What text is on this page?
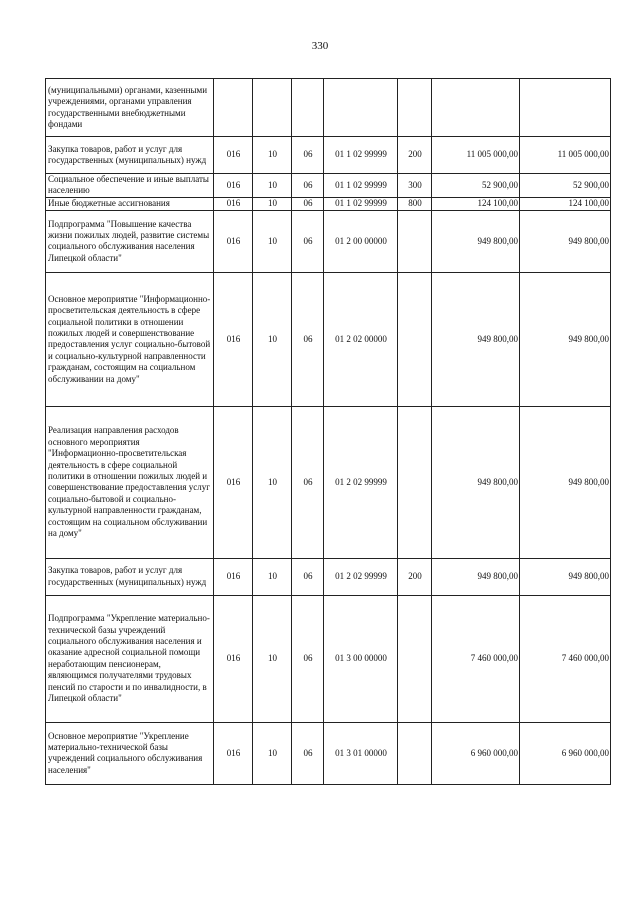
330
(муниципальными) органами, казенными учреждениями, органами управления государственными внебюджетными фондами							
Закупка товаров, работ и услуг для государственных (муниципальных) нужд	016	10	06	01 1 02 99999	200	11 005 000,00	11 005 000,00
Социальное обеспечение и иные выплаты населению	016	10	06	01 1 02 99999	300	52 900,00	52 900,00
Иные бюджетные ассигнования	016	10	06	01 1 02 99999	800	124 100,00	124 100,00
Подпрограмма "Повышение качества жизни пожилых людей, развитие системы социального обслуживания населения Липецкой области"	016	10	06	01 2 00 00000		949 800,00	949 800,00
Основное мероприятие "Информационно-просветительская деятельность в сфере социальной политики в отношении пожилых людей и совершенствование предоставления услуг социально-бытовой и социально-культурной направленности гражданам, состоящим на социальном обслуживании на дому"	016	10	06	01 2 02 00000		949 800,00	949 800,00
Реализация направления расходов основного мероприятия "Информационно-просветительская деятельность в сфере социальной политики в отношении пожилых людей и совершенствование предоставления услуг социально-бытовой и социально-культурной направленности гражданам, состоящим на социальном обслуживании на дому"	016	10	06	01 2 02 99999		949 800,00	949 800,00
Закупка товаров, работ и услуг для государственных (муниципальных) нужд	016	10	06	01 2 02 99999	200	949 800,00	949 800,00
Подпрограмма "Укрепление материально-технической базы учреждений социального обслуживания населения и оказание адресной социальной помощи неработающим пенсионерам, являющимся получателями трудовых пенсий по старости и по инвалидности, в Липецкой области"	016	10	06	01 3 00 00000		7 460 000,00	7 460 000,00
Основное мероприятие "Укрепление материально-технической базы учреждений социального обслуживания населения"	016	10	06	01 3 01 00000		6 960 000,00	6 960 000,00
